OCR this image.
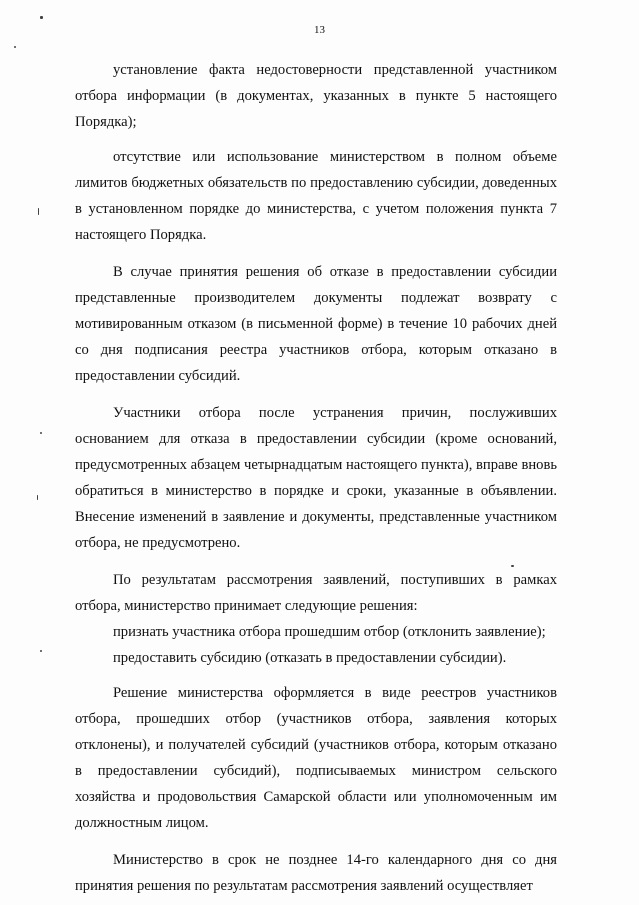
13

установление факта недостоверности представленной участником отбора информации (в документах, указанных в пункте 5 настоящего Порядка);

отсутствие или использование министерством в полном объеме лимитов бюджетных обязательств по предоставлению субсидии, доведенных в установленном порядке до министерства, с учетом положения пункта 7 настоящего Порядка.

В случае принятия решения об отказе в предоставлении субсидии представленные производителем документы подлежат возврату с мотивированным отказом (в письменной форме) в течение 10 рабочих дней со дня подписания реестра участников отбора, которым отказано в предоставлении субсидий.

Участники отбора после устранения причин, послуживших основанием для отказа в предоставлении субсидии (кроме оснований, предусмотренных абзацем четырнадцатым настоящего пункта), вправе вновь обратиться в министерство в порядке и сроки, указанные в объявлении. Внесение изменений в заявление и документы, представленные участником отбора, не предусмотрено.

По результатам рассмотрения заявлений, поступивших в рамках отбора, министерство принимает следующие решения:

признать участника отбора прошедшим отбор (отклонить заявление);

предоставить субсидию (отказать в предоставлении субсидии).

Решение министерства оформляется в виде реестров участников отбора, прошедших отбор (участников отбора, заявления которых отклонены), и получателей субсидий (участников отбора, которым отказано в предоставлении субсидий), подписываемых министром сельского хозяйства и продовольствия Самарской области или уполномоченным им должностным лицом.

Министерство в срок не позднее 14-го календарного дня со дня принятия решения по результатам рассмотрения заявлений осуществляет
